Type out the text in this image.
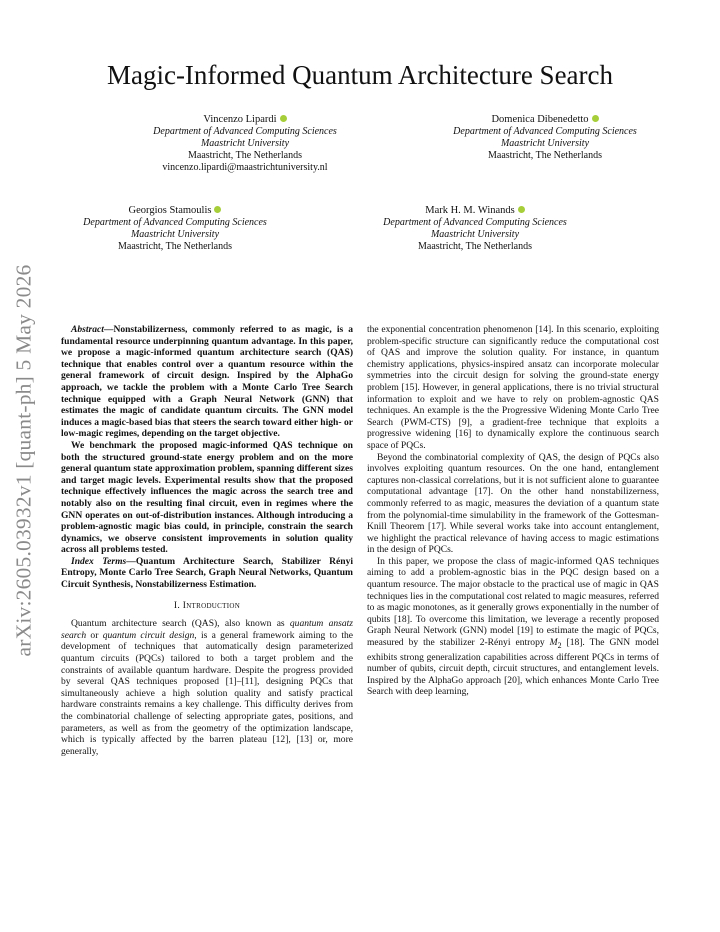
arXiv:2605.03932v1 [quant-ph] 5 May 2026
Magic-Informed Quantum Architecture Search
Vincenzo Lipardi
Department of Advanced Computing Sciences
Maastricht University
Maastricht, The Netherlands
vincenzo.lipardi@maastrichtuniversity.nl
Domenica Dibenedetto
Department of Advanced Computing Sciences
Maastricht University
Maastricht, The Netherlands
Georgios Stamoulis
Department of Advanced Computing Sciences
Maastricht University
Maastricht, The Netherlands
Mark H. M. Winands
Department of Advanced Computing Sciences
Maastricht University
Maastricht, The Netherlands

Abstract—Nonstabilizerness, commonly referred to as magic, is a fundamental resource underpinning quantum advantage. In this paper, we propose a magic-informed quantum architecture search (QAS) technique that enables control over a quantum resource within the general framework of circuit design. Inspired by the AlphaGo approach, we tackle the problem with a Monte Carlo Tree Search technique equipped with a Graph Neural Network (GNN) that estimates the magic of candidate quantum circuits. The GNN model induces a magic-based bias that steers the search toward either high- or low-magic regimes, depending on the target objective.

We benchmark the proposed magic-informed QAS technique on both the structured ground-state energy problem and on the more general quantum state approximation problem, spanning different sizes and target magic levels. Experimental results show that the proposed technique effectively influences the magic across the search tree and notably also on the resulting final circuit, even in regimes where the GNN operates on out-of-distribution instances. Although introducing a problem-agnostic magic bias could, in principle, constrain the search dynamics, we observe consistent improvements in solution quality across all problems tested.

Index Terms—Quantum Architecture Search, Stabilizer Rényi Entropy, Monte Carlo Tree Search, Graph Neural Networks, Quantum Circuit Synthesis, Nonstabilizerness Estimation.

I. Introduction

Quantum architecture search (QAS), also known as quantum ansatz search or quantum circuit design, is a general framework aiming to the development of techniques that automatically design parameterized quantum circuits (PQCs) tailored to both a target problem and the constraints of available quantum hardware. Despite the progress provided by several QAS techniques proposed [1]–[11], designing PQCs that simultaneously achieve a high solution quality and satisfy practical hardware constraints remains a key challenge. This difficulty derives from the combinatorial challenge of selecting appropriate gates, positions, and parameters, as well as from the geometry of the optimization landscape, which is typically affected by the barren plateau [12], [13] or, more generally,

the exponential concentration phenomenon [14]. In this scenario, exploiting problem-specific structure can significantly reduce the computational cost of QAS and improve the solution quality. For instance, in quantum chemistry applications, physics-inspired ansatz can incorporate molecular symmetries into the circuit design for solving the ground-state energy problem [15]. However, in general applications, there is no trivial structural information to exploit and we have to rely on problem-agnostic QAS techniques. An example is the the Progressive Widening Monte Carlo Tree Search (PWM-CTS) [9], a gradient-free technique that exploits a progressive widening [16] to dynamically explore the continuous search space of PQCs.

Beyond the combinatorial complexity of QAS, the design of PQCs also involves exploiting quantum resources. On the one hand, entanglement captures non-classical correlations, but it is not sufficient alone to guarantee computational advantage [17]. On the other hand nonstabilizerness, commonly referred to as magic, measures the deviation of a quantum state from the polynomial-time simulability in the framework of the Gottesman-Knill Theorem [17]. While several works take into account entanglement, we highlight the practical relevance of having access to magic estimations in the design of PQCs.

In this paper, we propose the class of magic-informed QAS techniques aiming to add a problem-agnostic bias in the PQC design based on a quantum resource. The major obstacle to the practical use of magic in QAS techniques lies in the computational cost related to magic measures, referred to as magic monotones, as it generally grows exponentially in the number of qubits [18]. To overcome this limitation, we leverage a recently proposed Graph Neural Network (GNN) model [19] to estimate the magic of PQCs, measured by the stabilizer 2-Rényi entropy $M_2$ [18]. The GNN model exhibits strong generalization capabilities across different PQCs in terms of number of qubits, circuit depth, circuit structures, and entanglement levels. Inspired by the AlphaGo approach [20], which enhances Monte Carlo Tree Search with deep learning,
